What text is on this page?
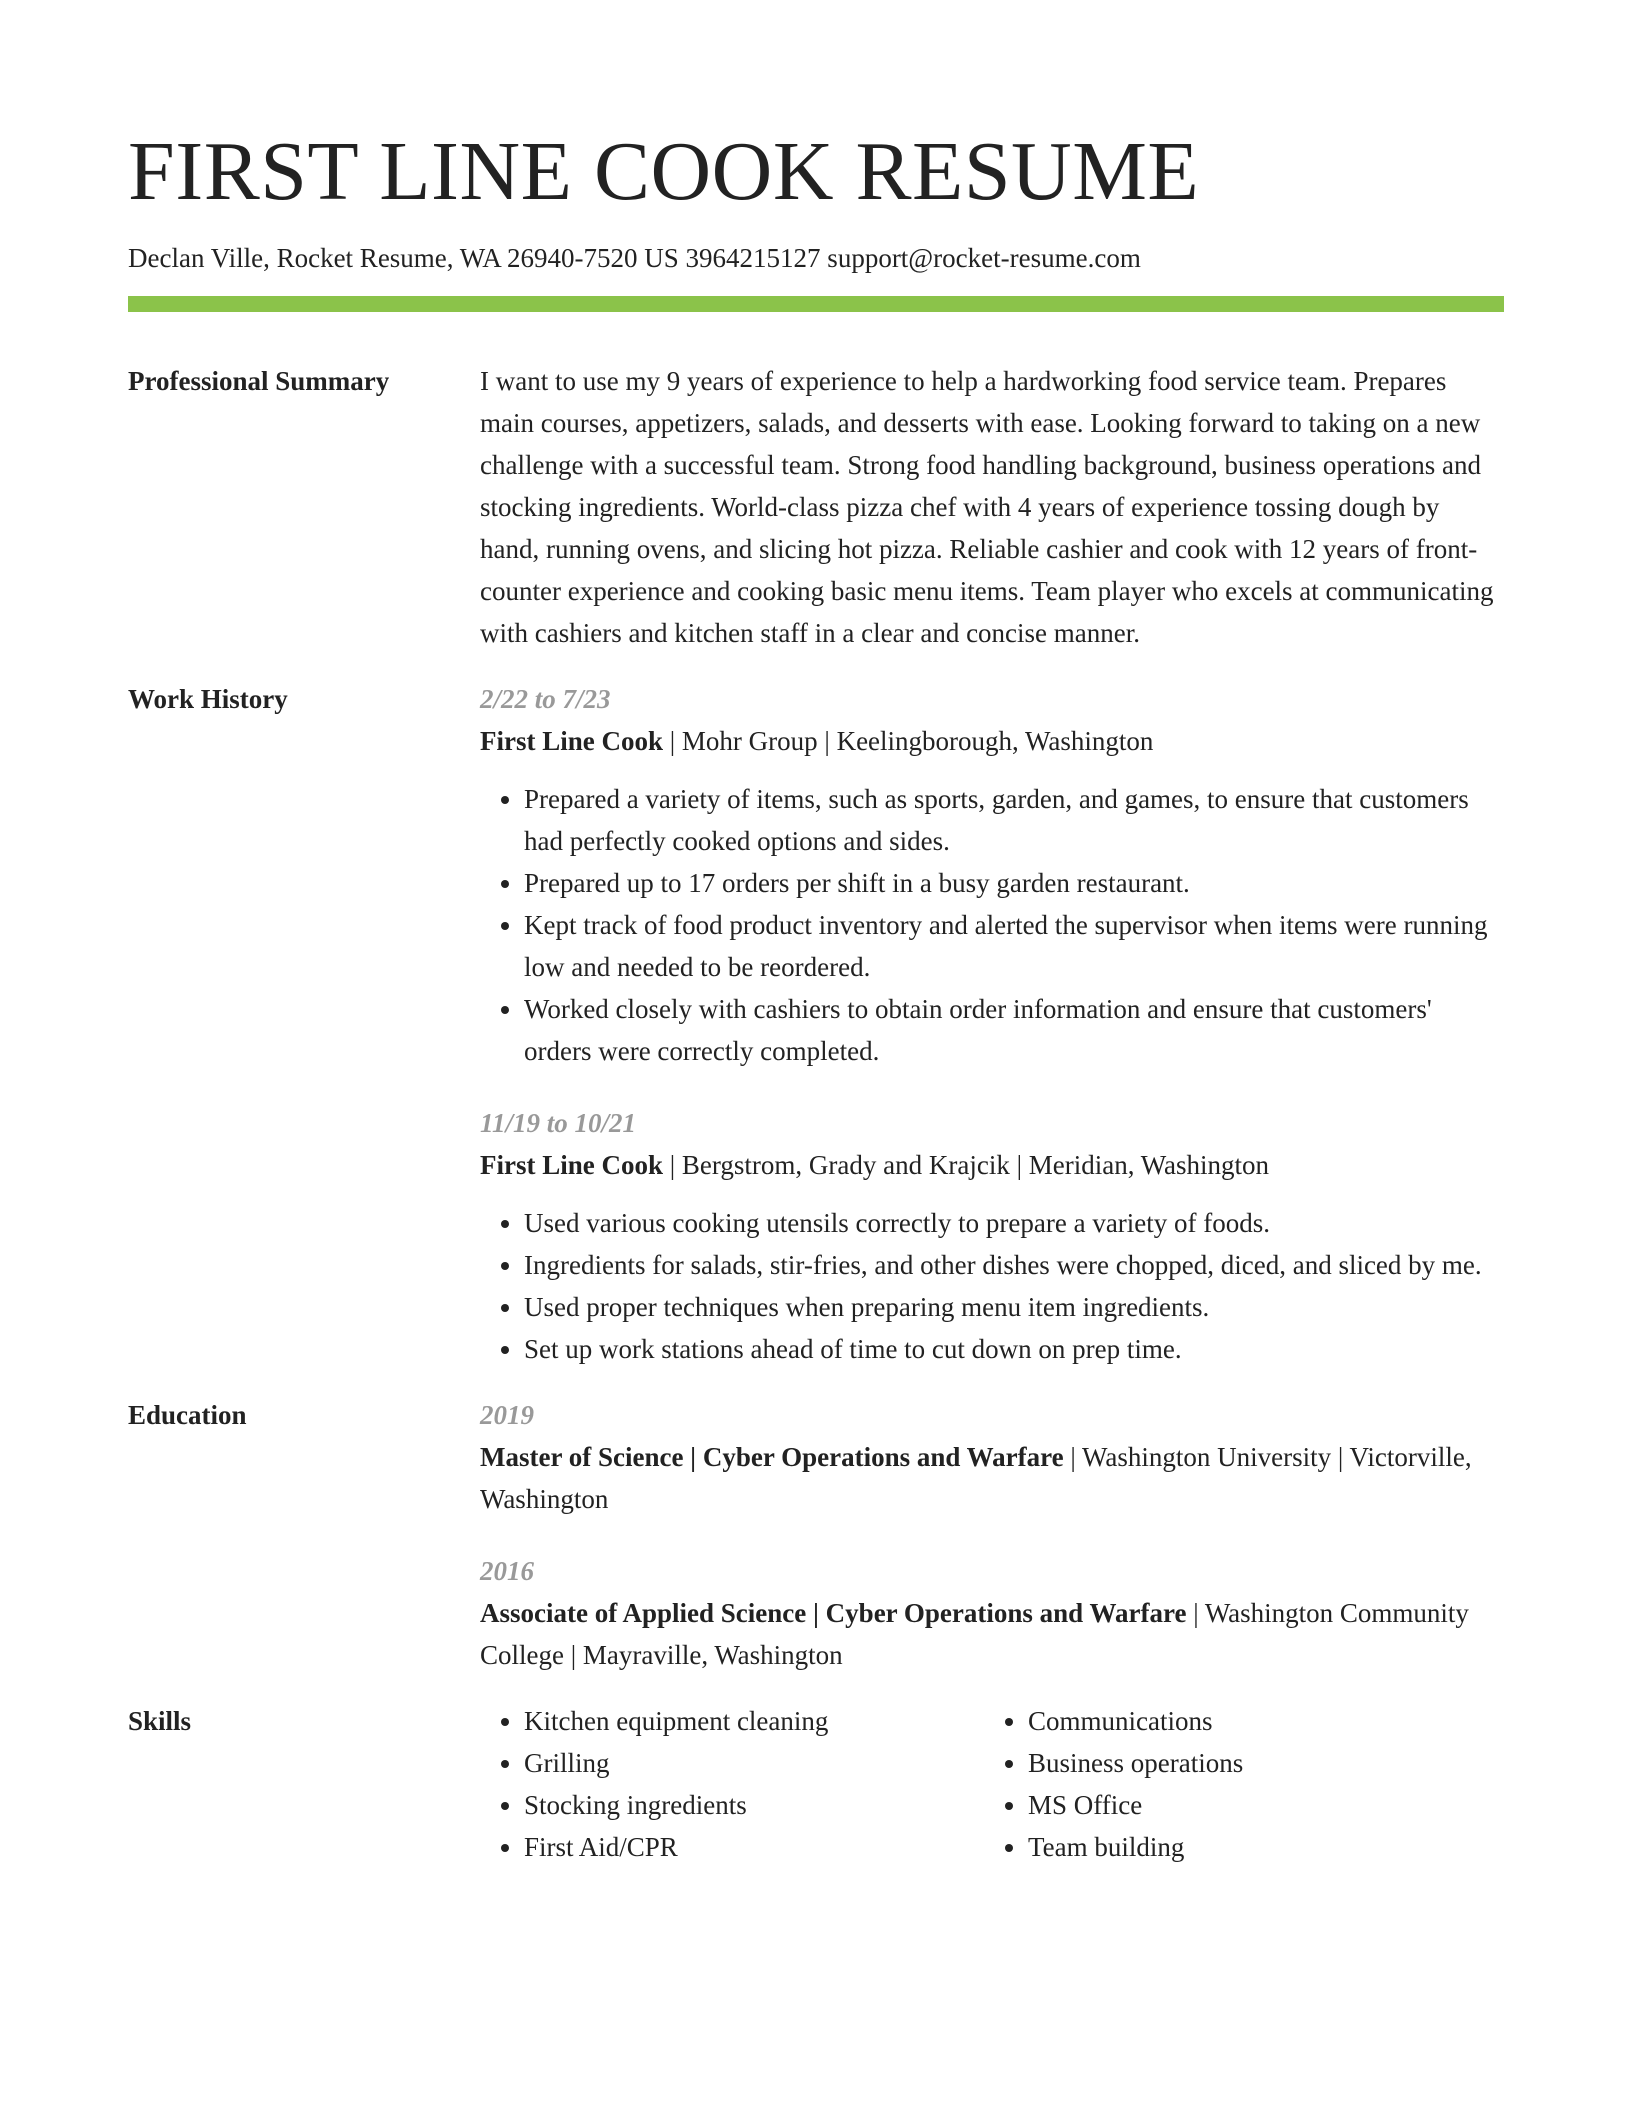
FIRST LINE COOK RESUME
Declan Ville, Rocket Resume, WA 26940-7520 US 3964215127 support@rocket-resume.com
Professional Summary	I want to use my 9 years of experience to help a hardworking food service team. Prepares main courses, appetizers, salads, and desserts with ease. Looking forward to taking on a new challenge with a successful team. Strong food handling background, business operations and stocking ingredients. World-class pizza chef with 4 years of experience tossing dough by hand, running ovens, and slicing hot pizza. Reliable cashier and cook with 12 years of front-counter experience and cooking basic menu items. Team player who excels at communicating with cashiers and kitchen staff in a clear and concise manner.

Work History	2/22 to 7/23
First Line Cook | Mohr Group | Keelingborough, Washington
• Prepared a variety of items, such as sports, garden, and games, to ensure that customers had perfectly cooked options and sides.
• Prepared up to 17 orders per shift in a busy garden restaurant.
• Kept track of food product inventory and alerted the supervisor when items were running low and needed to be reordered.
• Worked closely with cashiers to obtain order information and ensure that customers' orders were correctly completed.
11/19 to 10/21
First Line Cook | Bergstrom, Grady and Krajcik | Meridian, Washington
• Used various cooking utensils correctly to prepare a variety of foods.
• Ingredients for salads, stir-fries, and other dishes were chopped, diced, and sliced by me.
• Used proper techniques when preparing menu item ingredients.
• Set up work stations ahead of time to cut down on prep time.
Education	2019
Master of Science | Cyber Operations and Warfare | Washington University | Victorville, Washington
2016
Associate of Applied Science | Cyber Operations and Warfare | Washington Community College | Mayraville, Washington
Skills
•	Kitchen equipment cleaning
• Grilling
• Stocking ingredients
• First Aid/CPR
• Communications
• Business operations
• MS Office
• Team building
